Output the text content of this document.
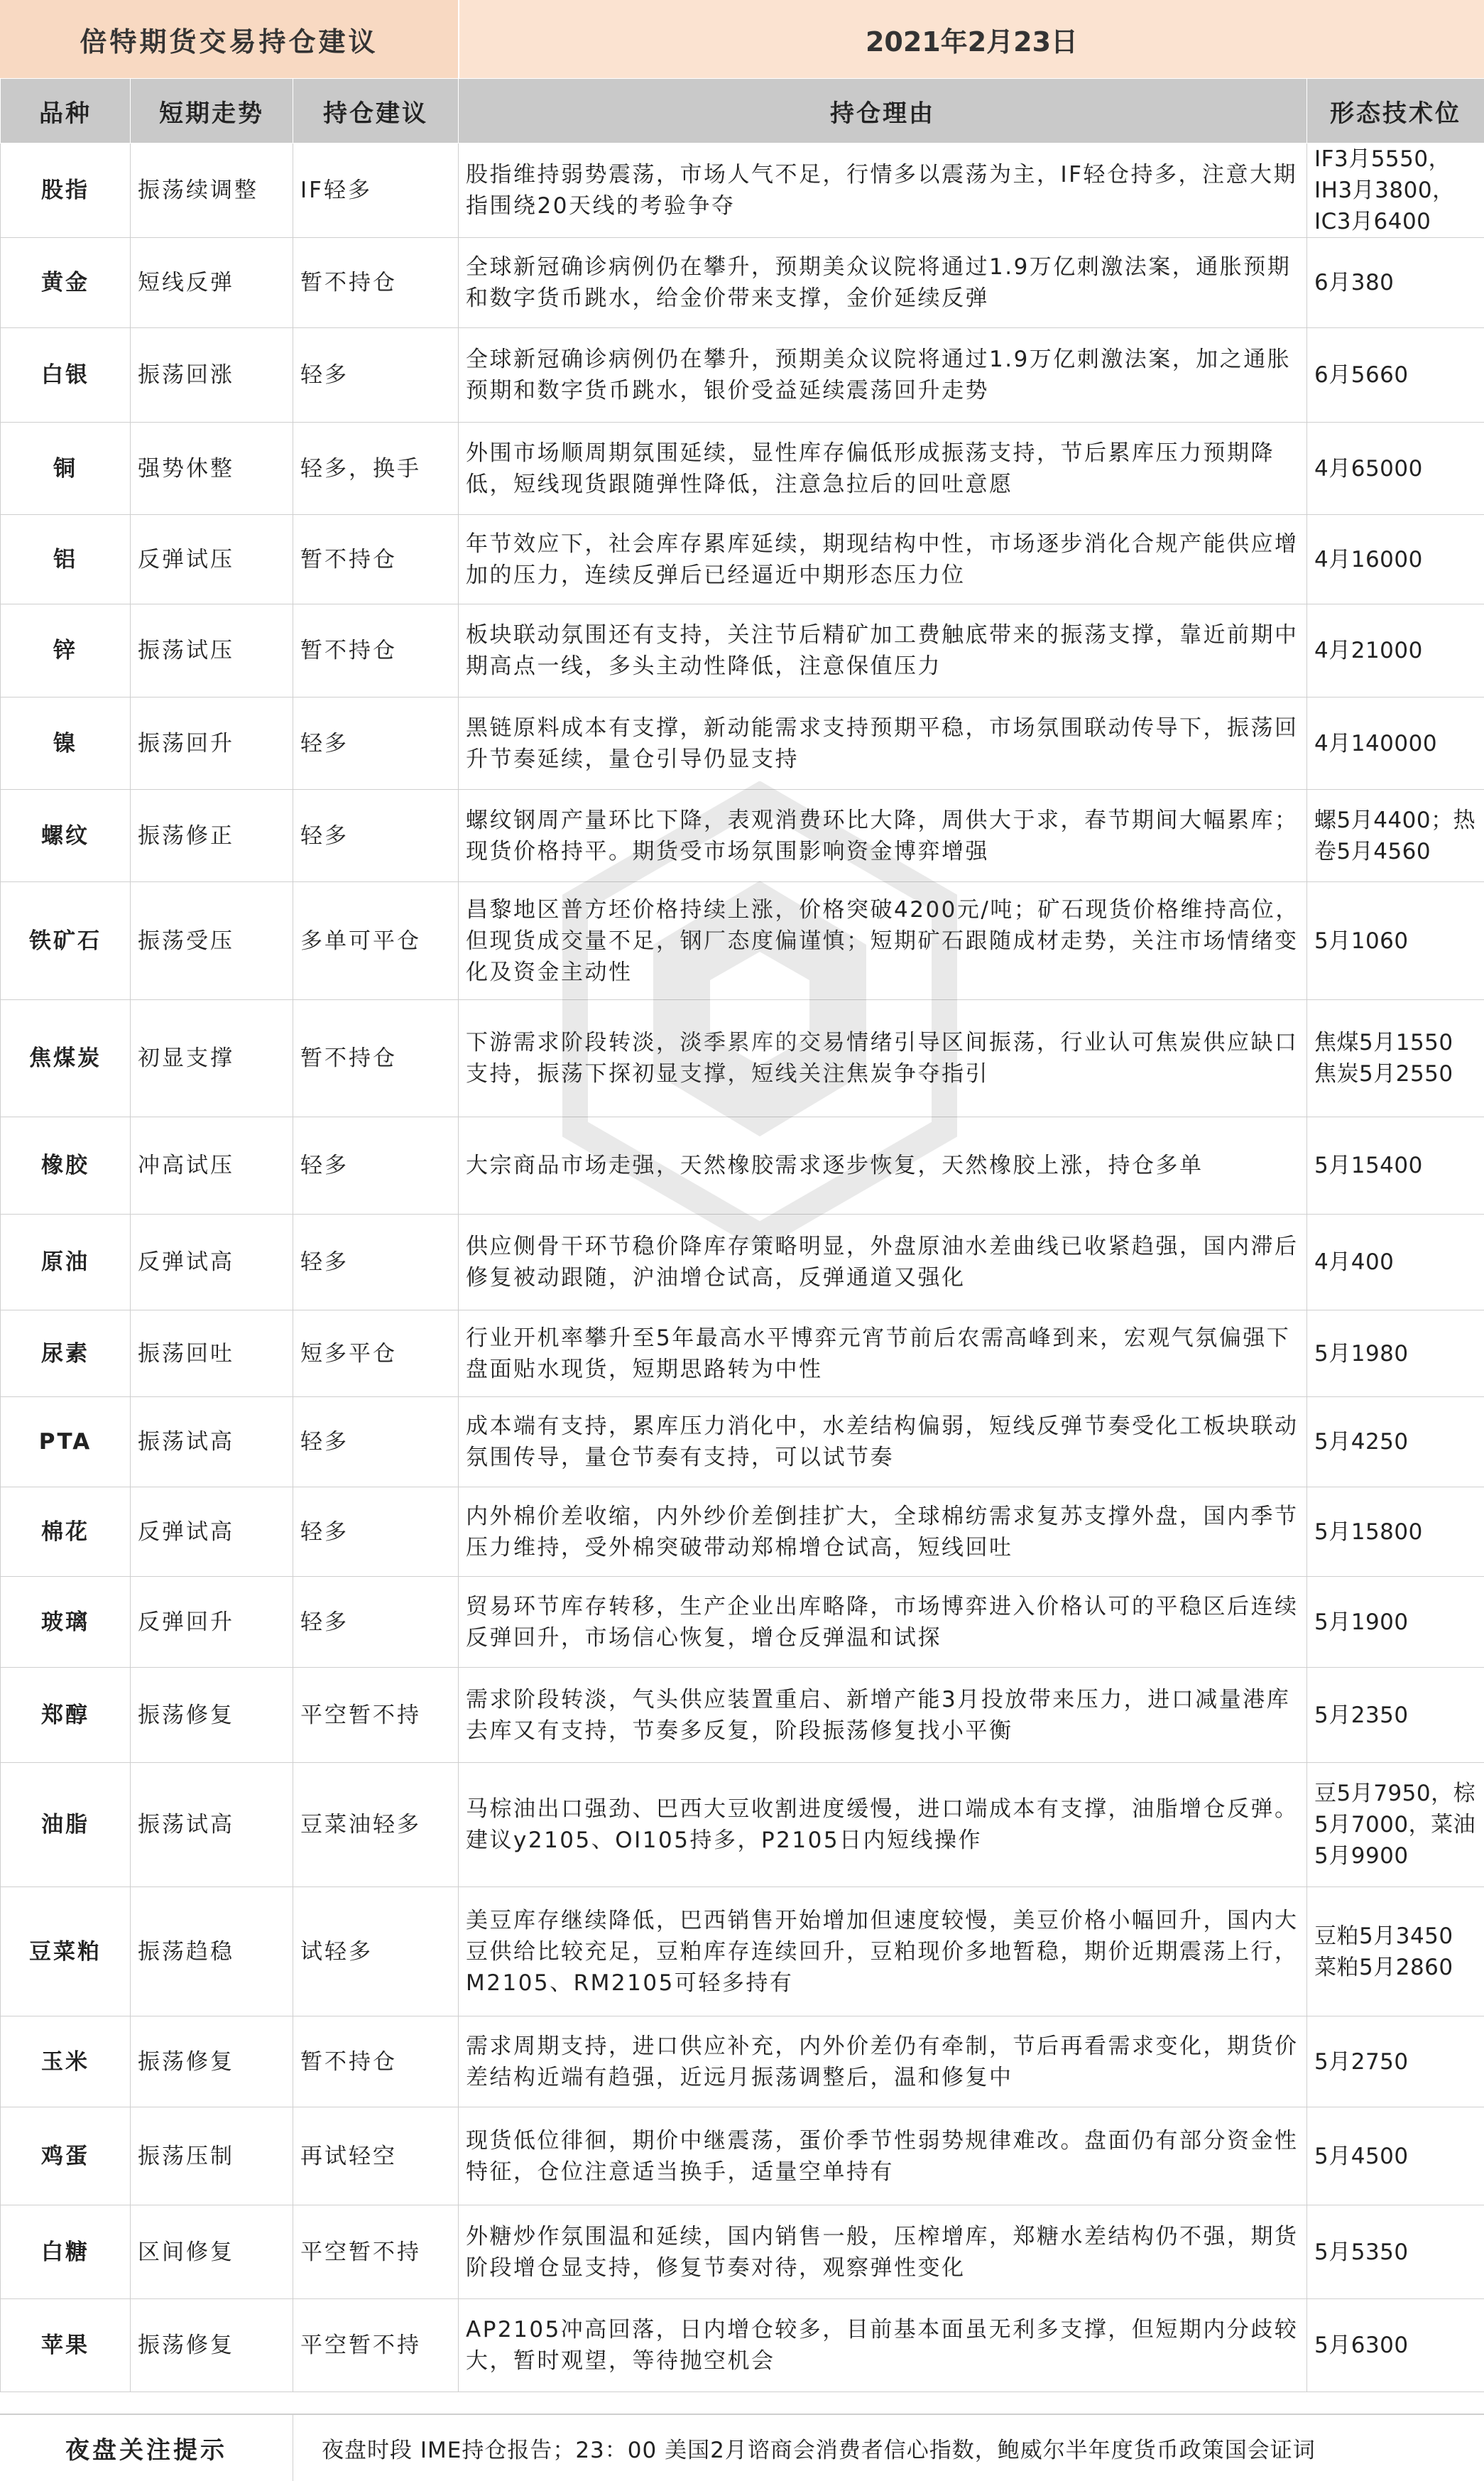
倍特期货交易持仓建议	2021年2月23日
品种	短期走势	持仓建议	持仓理由	形态技术位
股指	振荡续调整	IF轻多	股指维持弱势震荡，市场人气不足，行情多以震荡为主，IF轻仓持多，注意大期指围绕20天线的考验争夺	IF3月5550，IH3月3800，IC3月6400
黄金	短线反弹	暂不持仓	全球新冠确诊病例仍在攀升，预期美众议院将通过1.9万亿刺激法案，通胀预期和数字货币跳水，给金价带来支撑，金价延续反弹	6月380
白银	振荡回涨	轻多	全球新冠确诊病例仍在攀升，预期美众议院将通过1.9万亿刺激法案，加之通胀预期和数字货币跳水，银价受益延续震荡回升走势	6月5660
铜	强势休整	轻多，换手	外围市场顺周期氛围延续，显性库存偏低形成振荡支持，节后累库压力预期降低，短线现货跟随弹性降低，注意急拉后的回吐意愿	4月65000
铝	反弹试压	暂不持仓	年节效应下，社会库存累库延续，期现结构中性，市场逐步消化合规产能供应增加的压力，连续反弹后已经逼近中期形态压力位	4月16000
锌	振荡试压	暂不持仓	板块联动氛围还有支持，关注节后精矿加工费触底带来的振荡支撑，靠近前期中期高点一线，多头主动性降低，注意保值压力	4月21000
镍	振荡回升	轻多	黑链原料成本有支撑，新动能需求支持预期平稳，市场氛围联动传导下，振荡回升节奏延续，量仓引导仍显支持	4月140000
螺纹	振荡修正	轻多	螺纹钢周产量环比下降，表观消费环比大降，周供大于求，春节期间大幅累库；现货价格持平。期货受市场氛围影响资金博弈增强	螺5月4400；热卷5月4560
铁矿石	振荡受压	多单可平仓	昌黎地区普方坯价格持续上涨，价格突破4200元/吨；矿石现货价格维持高位，但现货成交量不足，钢厂态度偏谨慎；短期矿石跟随成材走势，关注市场情绪变化及资金主动性	5月1060
焦煤炭	初显支撑	暂不持仓	下游需求阶段转淡，淡季累库的交易情绪引导区间振荡，行业认可焦炭供应缺口支持，振荡下探初显支撑，短线关注焦炭争夺指引	焦煤5月1550 焦炭5月2550
橡胶	冲高试压	轻多	大宗商品市场走强，天然橡胶需求逐步恢复，天然橡胶上涨，持仓多单	5月15400
原油	反弹试高	轻多	供应侧骨干环节稳价降库存策略明显，外盘原油水差曲线已收紧趋强，国内滞后修复被动跟随，沪油增仓试高，反弹通道又强化	4月400
尿素	振荡回吐	短多平仓	行业开机率攀升至5年最高水平博弈元宵节前后农需高峰到来，宏观气氛偏强下盘面贴水现货，短期思路转为中性	5月1980
PTA	振荡试高	轻多	成本端有支持，累库压力消化中，水差结构偏弱，短线反弹节奏受化工板块联动氛围传导，量仓节奏有支持，可以试节奏	5月4250
棉花	反弹试高	轻多	内外棉价差收缩，内外纱价差倒挂扩大，全球棉纺需求复苏支撑外盘，国内季节压力维持，受外棉突破带动郑棉增仓试高，短线回吐	5月15800
玻璃	反弹回升	轻多	贸易环节库存转移，生产企业出库略降，市场博弈进入价格认可的平稳区后连续反弹回升，市场信心恢复，增仓反弹温和试探	5月1900
郑醇	振荡修复	平空暂不持	需求阶段转淡，气头供应装置重启、新增产能3月投放带来压力，进口减量港库去库又有支持，节奏多反复，阶段振荡修复找小平衡	5月2350
油脂	振荡试高	豆菜油轻多	马棕油出口强劲、巴西大豆收割进度缓慢，进口端成本有支撑，油脂增仓反弹。建议y2105、OI105持多，P2105日内短线操作	豆5月7950，棕5月7000，菜油5月9900
豆菜粕	振荡趋稳	试轻多	美豆库存继续降低，巴西销售开始增加但速度较慢，美豆价格小幅回升，国内大豆供给比较充足，豆粕库存连续回升，豆粕现价多地暂稳，期价近期震荡上行，M2105、RM2105可轻多持有	豆粕5月3450 菜粕5月2860
玉米	振荡修复	暂不持仓	需求周期支持，进口供应补充，内外价差仍有牵制，节后再看需求变化，期货价差结构近端有趋强，近远月振荡调整后，温和修复中	5月2750
鸡蛋	振荡压制	再试轻空	现货低位徘徊，期价中继震荡，蛋价季节性弱势规律难改。盘面仍有部分资金性特征，仓位注意适当换手，适量空单持有	5月4500
白糖	区间修复	平空暂不持	外糖炒作氛围温和延续，国内销售一般，压榨增库，郑糖水差结构仍不强，期货阶段增仓显支持，修复节奏对待，观察弹性变化	5月5350
苹果	振荡修复	平空暂不持	AP2105冲高回落，日内增仓较多，目前基本面虽无利多支撑，但短期内分歧较大，暂时观望，等待抛空机会	5月6300
夜盘关注提示	夜盘时段 IME持仓报告；23：00 美国2月谘商会消费者信心指数，鲍威尔半年度货币政策国会证词
